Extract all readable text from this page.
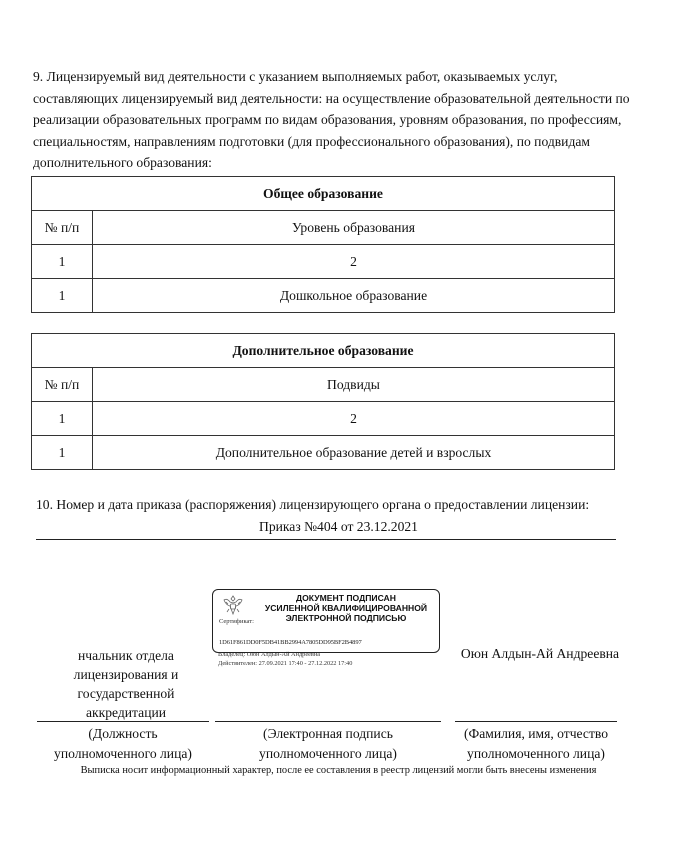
9. Лицензируемый вид деятельности с указанием выполняемых работ, оказываемых услуг, составляющих лицензируемый вид деятельности: на осуществление образовательной деятельности по реализации образовательных программ по видам образования, уровням образования, по профессиям, специальностям, направлениям подготовки (для профессионального образования), по подвидам дополнительного образования:
Общее образование	
№ п/п	Уровень образования
1	2
1	Дошкольное образование
Дополнительное образование	
№ п/п	Подвиды
1	2
1	Дополнительное образование детей и взрослых
10. Номер и дата приказа (распоряжения) лицензирующего органа о предоставлении лицензии:
Приказ №404 от 23.12.2021
ДОКУМЕНТ ПОДПИСАН
УСИЛЕННОЙ КВАЛИФИЦИРОВАННОЙ
ЭЛЕКТРОННОЙ ПОДПИСЬЮ
Сертификат:
1D61F861DD0F5DB41BB2994A7805DD95BF2B4897
Владелец: Оюн Алдын-Ай Андреевна
Действителен: 27.09.2021 17:40 - 27.12.2022 17:40
нчальник отдела лицензирования и государственной аккредитации
Оюн Алдын-Ай Андреевна
(Должность уполномоченного лица)
(Электронная подпись уполномоченного лица)
(Фамилия, имя, отчество уполномоченного лица)
Выписка носит информационный характер, после ее составления в реестр лицензий могли быть внесены изменения
